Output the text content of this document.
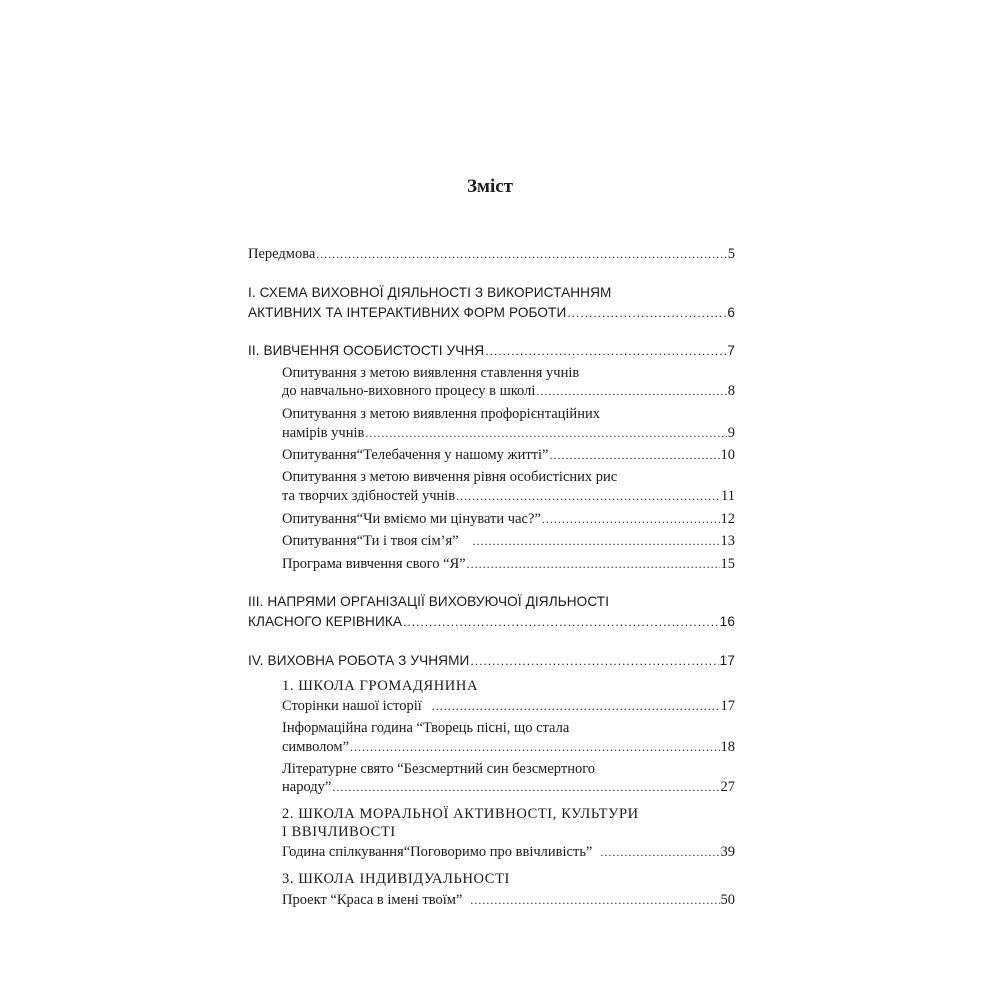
Зміст
Передмова .....	5
І. СХЕМА ВИХОВНОЇ ДІЯЛЬНОСТІ З ВИКОРИСТАННЯМ
АКТИВНИХ ТА ІНТЕРАКТИВНИХ ФОРМ РОБОТИ .....	6
ІІ. ВИВЧЕННЯ ОСОБИСТОСТІ УЧНЯ .....	7
Опитування з метою виявлення ставлення учнів
до навчально-виховного процесу в школі .....	8
Опитування з метою виявлення профорієнтаційних
намірів учнів .....	9
Опитування“Телебачення у нашому житті” .....	10
Опитування з метою вивчення рівня особистісних рис
та творчих здібностей учнів .....	11
Опитування“Чи вміємо ми цінувати час?” .....	12
Опитування“Ти і твоя сім’я” .....	13
Програма вивчення свого “Я” .....	15
ІІІ. НАПРЯМИ ОРГАНІЗАЦІЇ ВИХОВУЮЧОЇ ДІЯЛЬНОСТІ
КЛАСНОГО КЕРІВНИКА .....	16
IV. ВИХОВНА РОБОТА З УЧНЯМИ .....	17
1. ШКОЛА ГРОМАДЯНИНА
Сторінки нашої історії .....	17
Інформаційна година “Творець пісні, що стала
символом” .....	18
Літературне свято “Безсмертний син безсмертного
народу” .....	27
2. ШКОЛА МОРАЛЬНОЇ АКТИВНОСТІ, КУЛЬТУРИ
І ВВІЧЛИВОСТІ
Година спілкування“Поговоримо про ввічливість” .....	39
3. ШКОЛА ІНДИВІДУАЛЬНОСТІ
Проект “Краса в імені твоїм” .....	50
